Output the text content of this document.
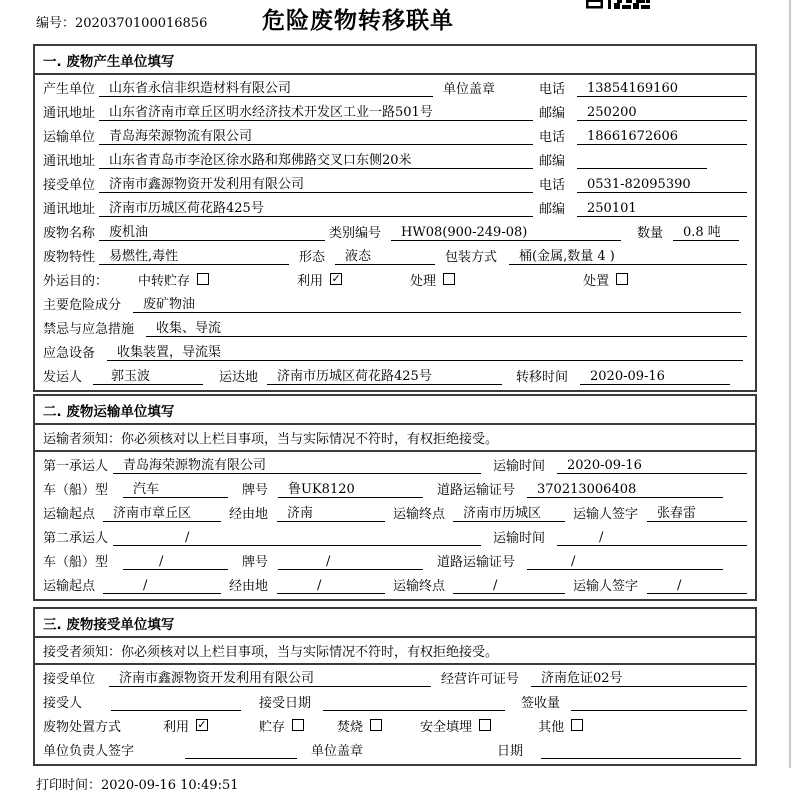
编号：2020370100016856	危险废物转移联单
一. 废物产生单位填写
产生单位	山东省永信非织造材料有限公司	单位盖章	电话	13854169160
通讯地址	山东省济南市章丘区明水经济技术开发区工业一路501号	邮编	250200
运输单位	青岛海荣源物流有限公司	电话	18661672606
通讯地址	山东省青岛市李沧区徐水路和郑佛路交叉口东侧20米	邮编
接受单位	济南市鑫源物资开发利用有限公司	电话	0531-82095390
通讯地址	济南市历城区荷花路425号	邮编	250101
废物名称	废机油	类别编号	HW08(900-249-08)	数量	0.8 吨
废物特性	易燃性,毒性	形态	液态	包装方式	桶(金属,数量 4 )
外运目的： 中转贮存	利用 ✓	处理	处置
主要危险成分	废矿物油
禁忌与应急措施	收集、导流
应急设备	收集装置，导流渠
发运人	郭玉波	运达地	济南市历城区荷花路425号	转移时间	2020-09-16
二. 废物运输单位填写
运输者须知：你必须核对以上栏目事项，当与实际情况不符时，有权拒绝接受。
第一承运人	青岛海荣源物流有限公司	运输时间	2020-09-16
车（船）型	汽车	牌号	鲁UK8120	道路运输证号	370213006408
运输起点	济南市章丘区	经由地	济南	运输终点	济南市历城区	运输人签字	张春雷
第二承运人	/	运输时间	/
车（船）型	/	牌号	/	道路运输证号	/
运输起点	/	经由地	/	运输终点	/	运输人签字	/
三. 废物接受单位填写
接受者须知：你必须核对以上栏目事项，当与实际情况不符时，有权拒绝接受。
接受单位	济南市鑫源物资开发利用有限公司	经营许可证号	济南危证02号
接受人	接受日期	签收量
废物处置方式	利用 ✓	贮存	焚烧	安全填埋	其他
单位负责人签字	单位盖章	日期
打印时间：2020-09-16 10:49:51
